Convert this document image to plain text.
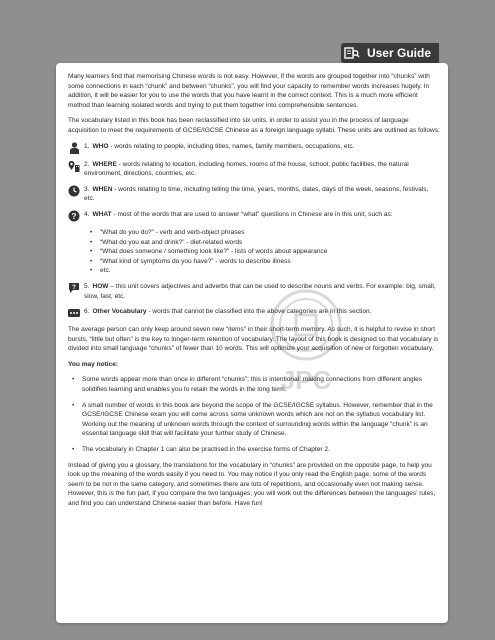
User Guide
JPC

Many learners find that memorising Chinese words is not easy. However, if the words are grouped together into “chunks” with some connections in each “chunk” and between “chunks”, you will find your capacity to remember words increases hugely. In addition, it will be easier for you to use the words that you have learnt in the correct context. This is a much more efficient method than learning isolated words and trying to put them together into comprehensible sentences.

The vocabulary listed in this book has been reclassified into six units, in order to assist you in the process of language acquisition to meet the requirements of GCSE/IGCSE Chinese as a foreign language syllabi. These units are outlined as follows:

1. WHO - words relating to people, including titles, names, family members, occupations, etc.
2. WHERE - words relating to location, including homes, rooms of the house, school, public facilities, the natural environment, directions, countries, etc.
3. WHEN - words relating to time, including telling the time, years, months, dates, days of the week, seasons, festivals, etc.
? 4. WHAT - most of the words that are used to answer “what” questions in Chinese are in this unit, such as:
• “What do you do?” - verb and verb-object phrases
• “What do you eat and drink?” - diet-related words
• “What does someone / something look like?” - lists of words about appearance
• “What kind of symptoms do you have?” - words to describe illness
• etc.
? 5. HOW – this unit covers adjectives and adverbs that can be used to describe nouns and verbs. For example: big, small, slow, fast, etc.
6. Other Vocabulary - words that cannot be classified into the above categories are in this section.

The average person can only keep around seven new “items” in their short-term memory. As such, it is helpful to revise in short bursts, “little but often” is the key to longer-term retention of vocabulary. The layout of this book is designed so that vocabulary is divided into small language “chunks” of fewer than 10 words. This will optimize your acquisition of new or forgotten vocabulary.

You may notice:

• Some words appear more than once in different “chunks”; this is intentional: making connections from different angles solidifies learning and enables you to retain the words in the long term.
• A small number of words in this book are beyond the scope of the GCSE/IGCSE syllabus. However, remember that in the GCSE/IGCSE Chinese exam you will come across some unknown words which are not on the syllabus vocabulary list. Working out the meaning of unknown words through the context of surrounding words within the language “chunk” is an essential language skill that will facilitate your further study of Chinese.
• The vocabulary in Chapter 1 can also be practised in the exercise forms of Chapter 2.

Instead of giving you a glossary, the translations for the vocabulary in “chunks” are provided on the opposite page, to help you look up the meaning of the words easily if you need to. You may notice if you only read the English page, some of the words seem to be not in the same category, and sometimes there are lots of repetitions, and occasionally even not making sense. However, this is the fun part, if you compare the two languages, you will work out the differences between the languages’ rules, and find you can understand Chinese easier than before. Have fun!
